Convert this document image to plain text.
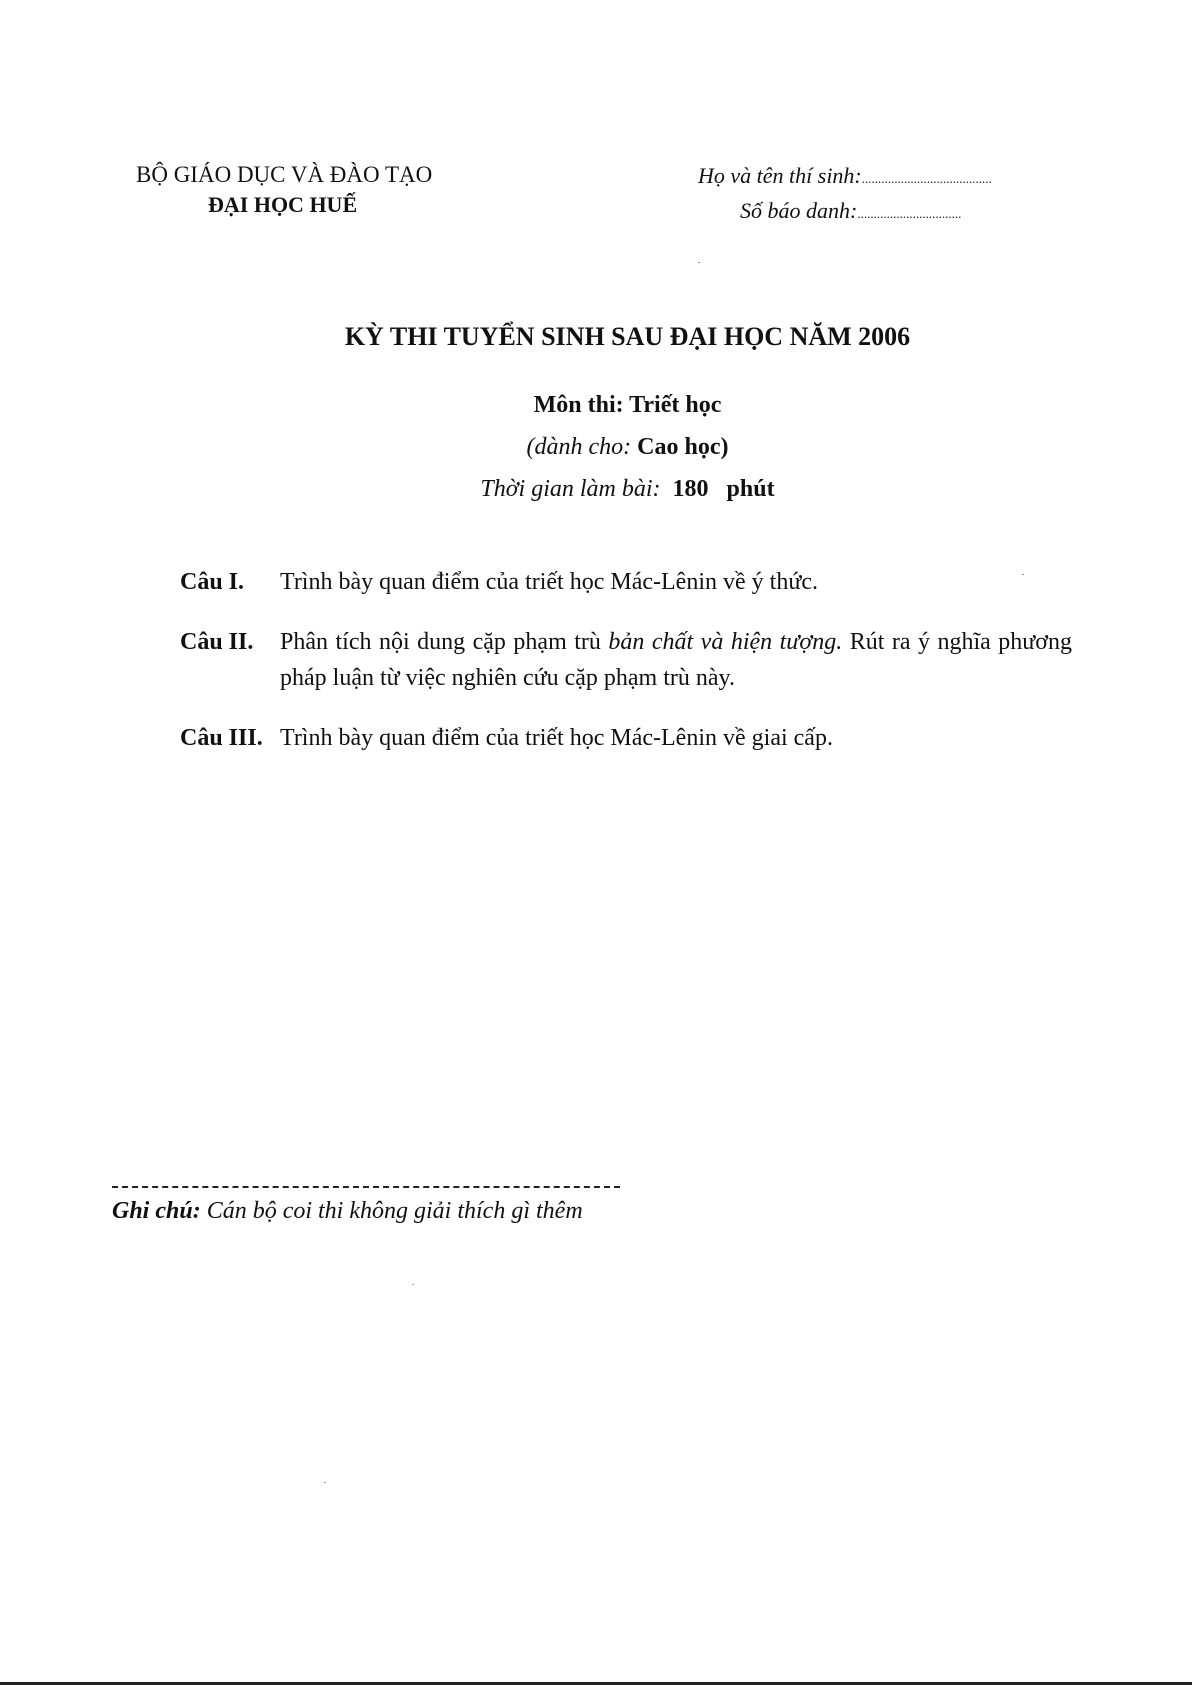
BỘ GIÁO DỤC VÀ ĐÀO TẠO
ĐẠI HỌC HUẾ
Họ và tên thí sinh:........................................
Số báo danh:................................
KỲ THI TUYỂN SINH SAU ĐẠI HỌC NĂM 2006
Môn thi: Triết học
(dành cho: Cao học)
Thời gian làm bài: 180 phút
Câu I.	Trình bày quan điểm của triết học Mác-Lênin về ý thức.
Câu II.	Phân tích nội dung cặp phạm trù bản chất và hiện tượng. Rút ra ý nghĩa phương pháp luận từ việc nghiên cứu cặp phạm trù này.
Câu III. Trình bày quan điểm của triết học Mác-Lênin về giai cấp.
Ghi chú: Cán bộ coi thi không giải thích gì thêm
